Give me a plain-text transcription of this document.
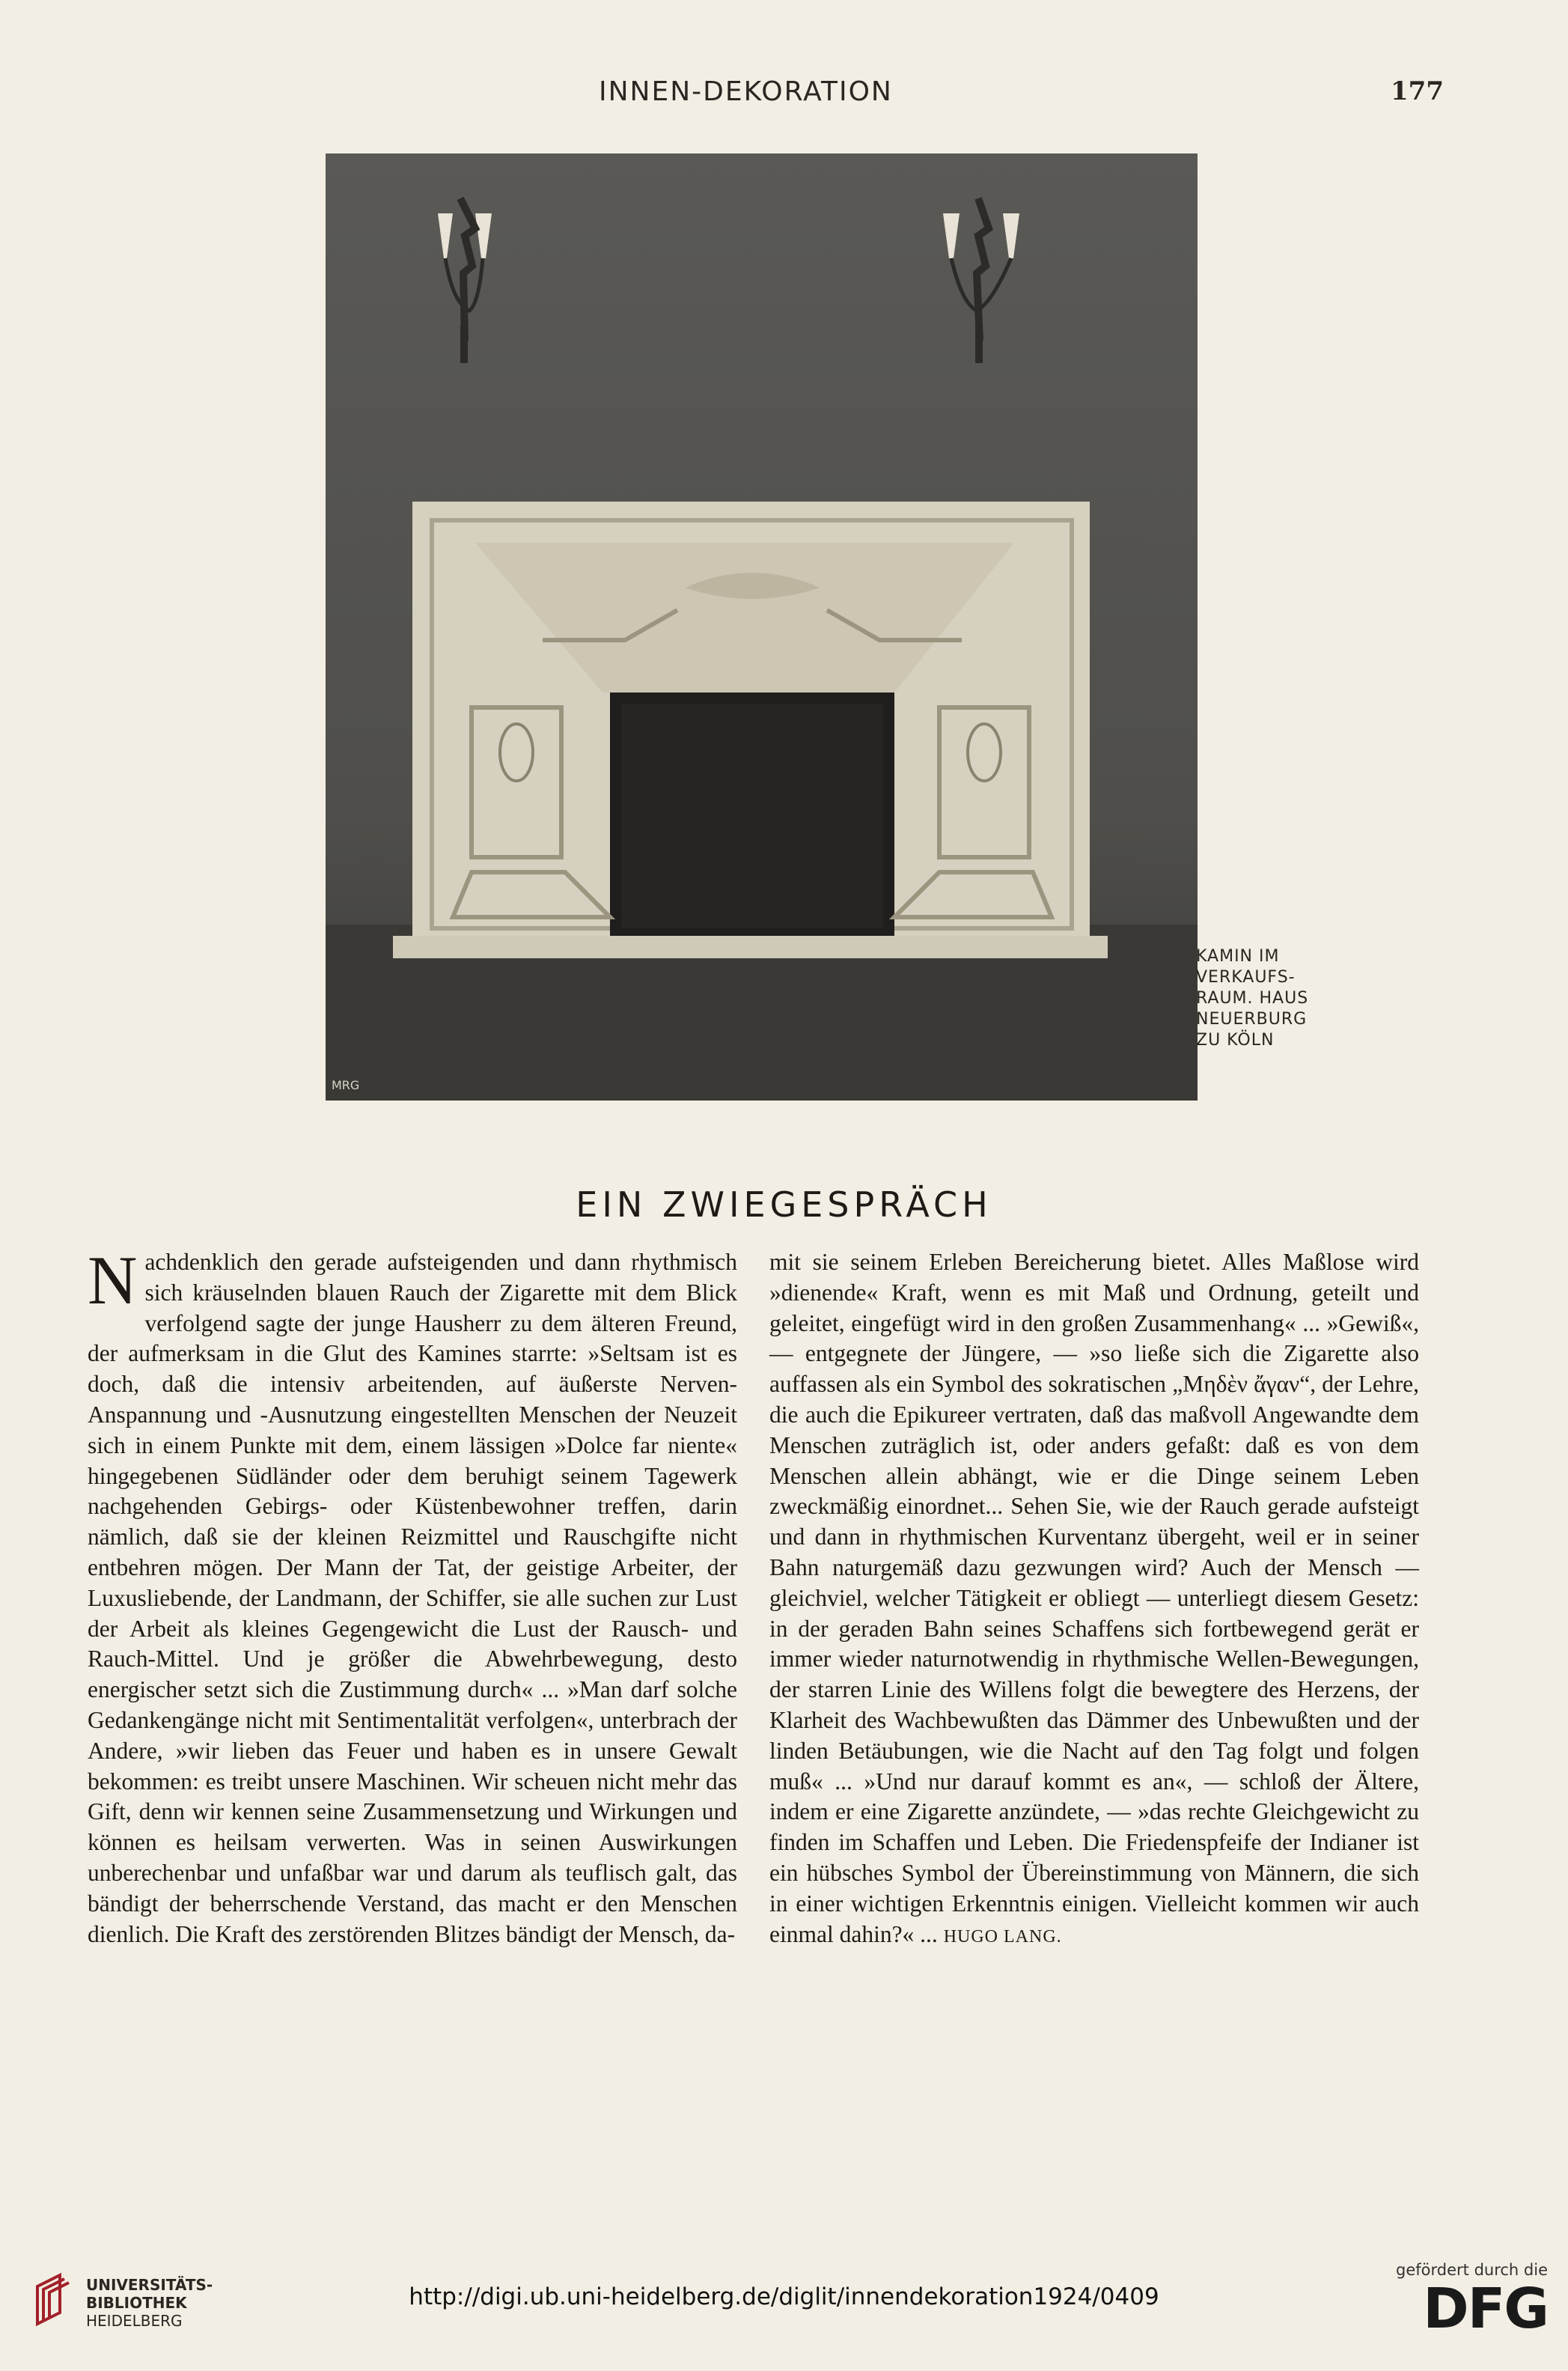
INNEN-DEKORATION	177
MRG
KAMIN IM
VERKAUFS-
RAUM. HAUS
NEUERBURG
ZU KÖLN
EIN ZWIEGESPRÄCH

Nachdenklich den gerade aufsteigenden und dann rhythmisch sich kräuselnden blauen Rauch der Zigarette mit dem Blick verfolgend sagte der junge Hausherr zu dem älteren Freund, der aufmerksam in die Glut des Kamines starrte: »Seltsam ist es doch, daß die intensiv arbeitenden, auf äußerste Nerven-Anspannung und -Ausnutzung eingestellten Menschen der Neuzeit sich in einem Punkte mit dem, einem lässigen »Dolce far niente« hingegebenen Südländer oder dem beruhigt seinem Tagewerk nachgehenden Gebirgs- oder Küstenbewohner treffen, darin nämlich, daß sie der kleinen Reizmittel und Rauschgifte nicht entbehren mögen. Der Mann der Tat, der geistige Arbeiter, der Luxusliebende, der Landmann, der Schiffer, sie alle suchen zur Lust der Arbeit als kleines Gegengewicht die Lust der Rausch- und Rauch-Mittel. Und je größer die Abwehrbewegung, desto energischer setzt sich die Zustimmung durch« ... »Man darf solche Gedankengänge nicht mit Sentimentalität verfolgen«, unterbrach der Andere, »wir lieben das Feuer und haben es in unsere Gewalt bekommen: es treibt unsere Maschinen. Wir scheuen nicht mehr das Gift, denn wir kennen seine Zusammensetzung und Wirkungen und können es heilsam verwerten. Was in seinen Auswirkungen unberechenbar und unfaßbar war und darum als teuflisch galt, das bändigt der beherrschende Verstand, das macht er den Menschen dienlich. Die Kraft des zerstörenden Blitzes bändigt der Mensch, da-

mit sie seinem Erleben Bereicherung bietet. Alles Maßlose wird »dienende« Kraft, wenn es mit Maß und Ordnung, geteilt und geleitet, eingefügt wird in den großen Zusammenhang« ... »Gewiß«, — entgegnete der Jüngere, — »so ließe sich die Zigarette also auffassen als ein Symbol des sokratischen „Μηδὲν ἄγαν“, der Lehre, die auch die Epikureer vertraten, daß das maßvoll Angewandte dem Menschen zuträglich ist, oder anders gefaßt: daß es von dem Menschen allein abhängt, wie er die Dinge seinem Leben zweckmäßig einordnet... Sehen Sie, wie der Rauch gerade aufsteigt und dann in rhythmischen Kurventanz übergeht, weil er in seiner Bahn naturgemäß dazu gezwungen wird? Auch der Mensch — gleichviel, welcher Tätigkeit er obliegt — unterliegt diesem Gesetz: in der geraden Bahn seines Schaffens sich fortbewegend gerät er immer wieder naturnotwendig in rhythmische Wellen-Bewegungen, der starren Linie des Willens folgt die bewegtere des Herzens, der Klarheit des Wachbewußten das Dämmer des Unbewußten und der linden Betäubungen, wie die Nacht auf den Tag folgt und folgen muß« ... »Und nur darauf kommt es an«, — schloß der Ältere, indem er eine Zigarette anzündete, — »das rechte Gleichgewicht zu finden im Schaffen und Leben. Die Friedenspfeife der Indianer ist ein hübsches Symbol der Übereinstimmung von Männern, die sich in einer wichtigen Erkenntnis einigen. Vielleicht kommen wir auch einmal dahin?« ... HUGO LANG.

UNIVERSITÄTS-
BIBLIOTHEK
HEIDELBERG
http://digi.ub.uni-heidelberg.de/diglit/innendekoration1924/0409
gefördert durch die
DFG
